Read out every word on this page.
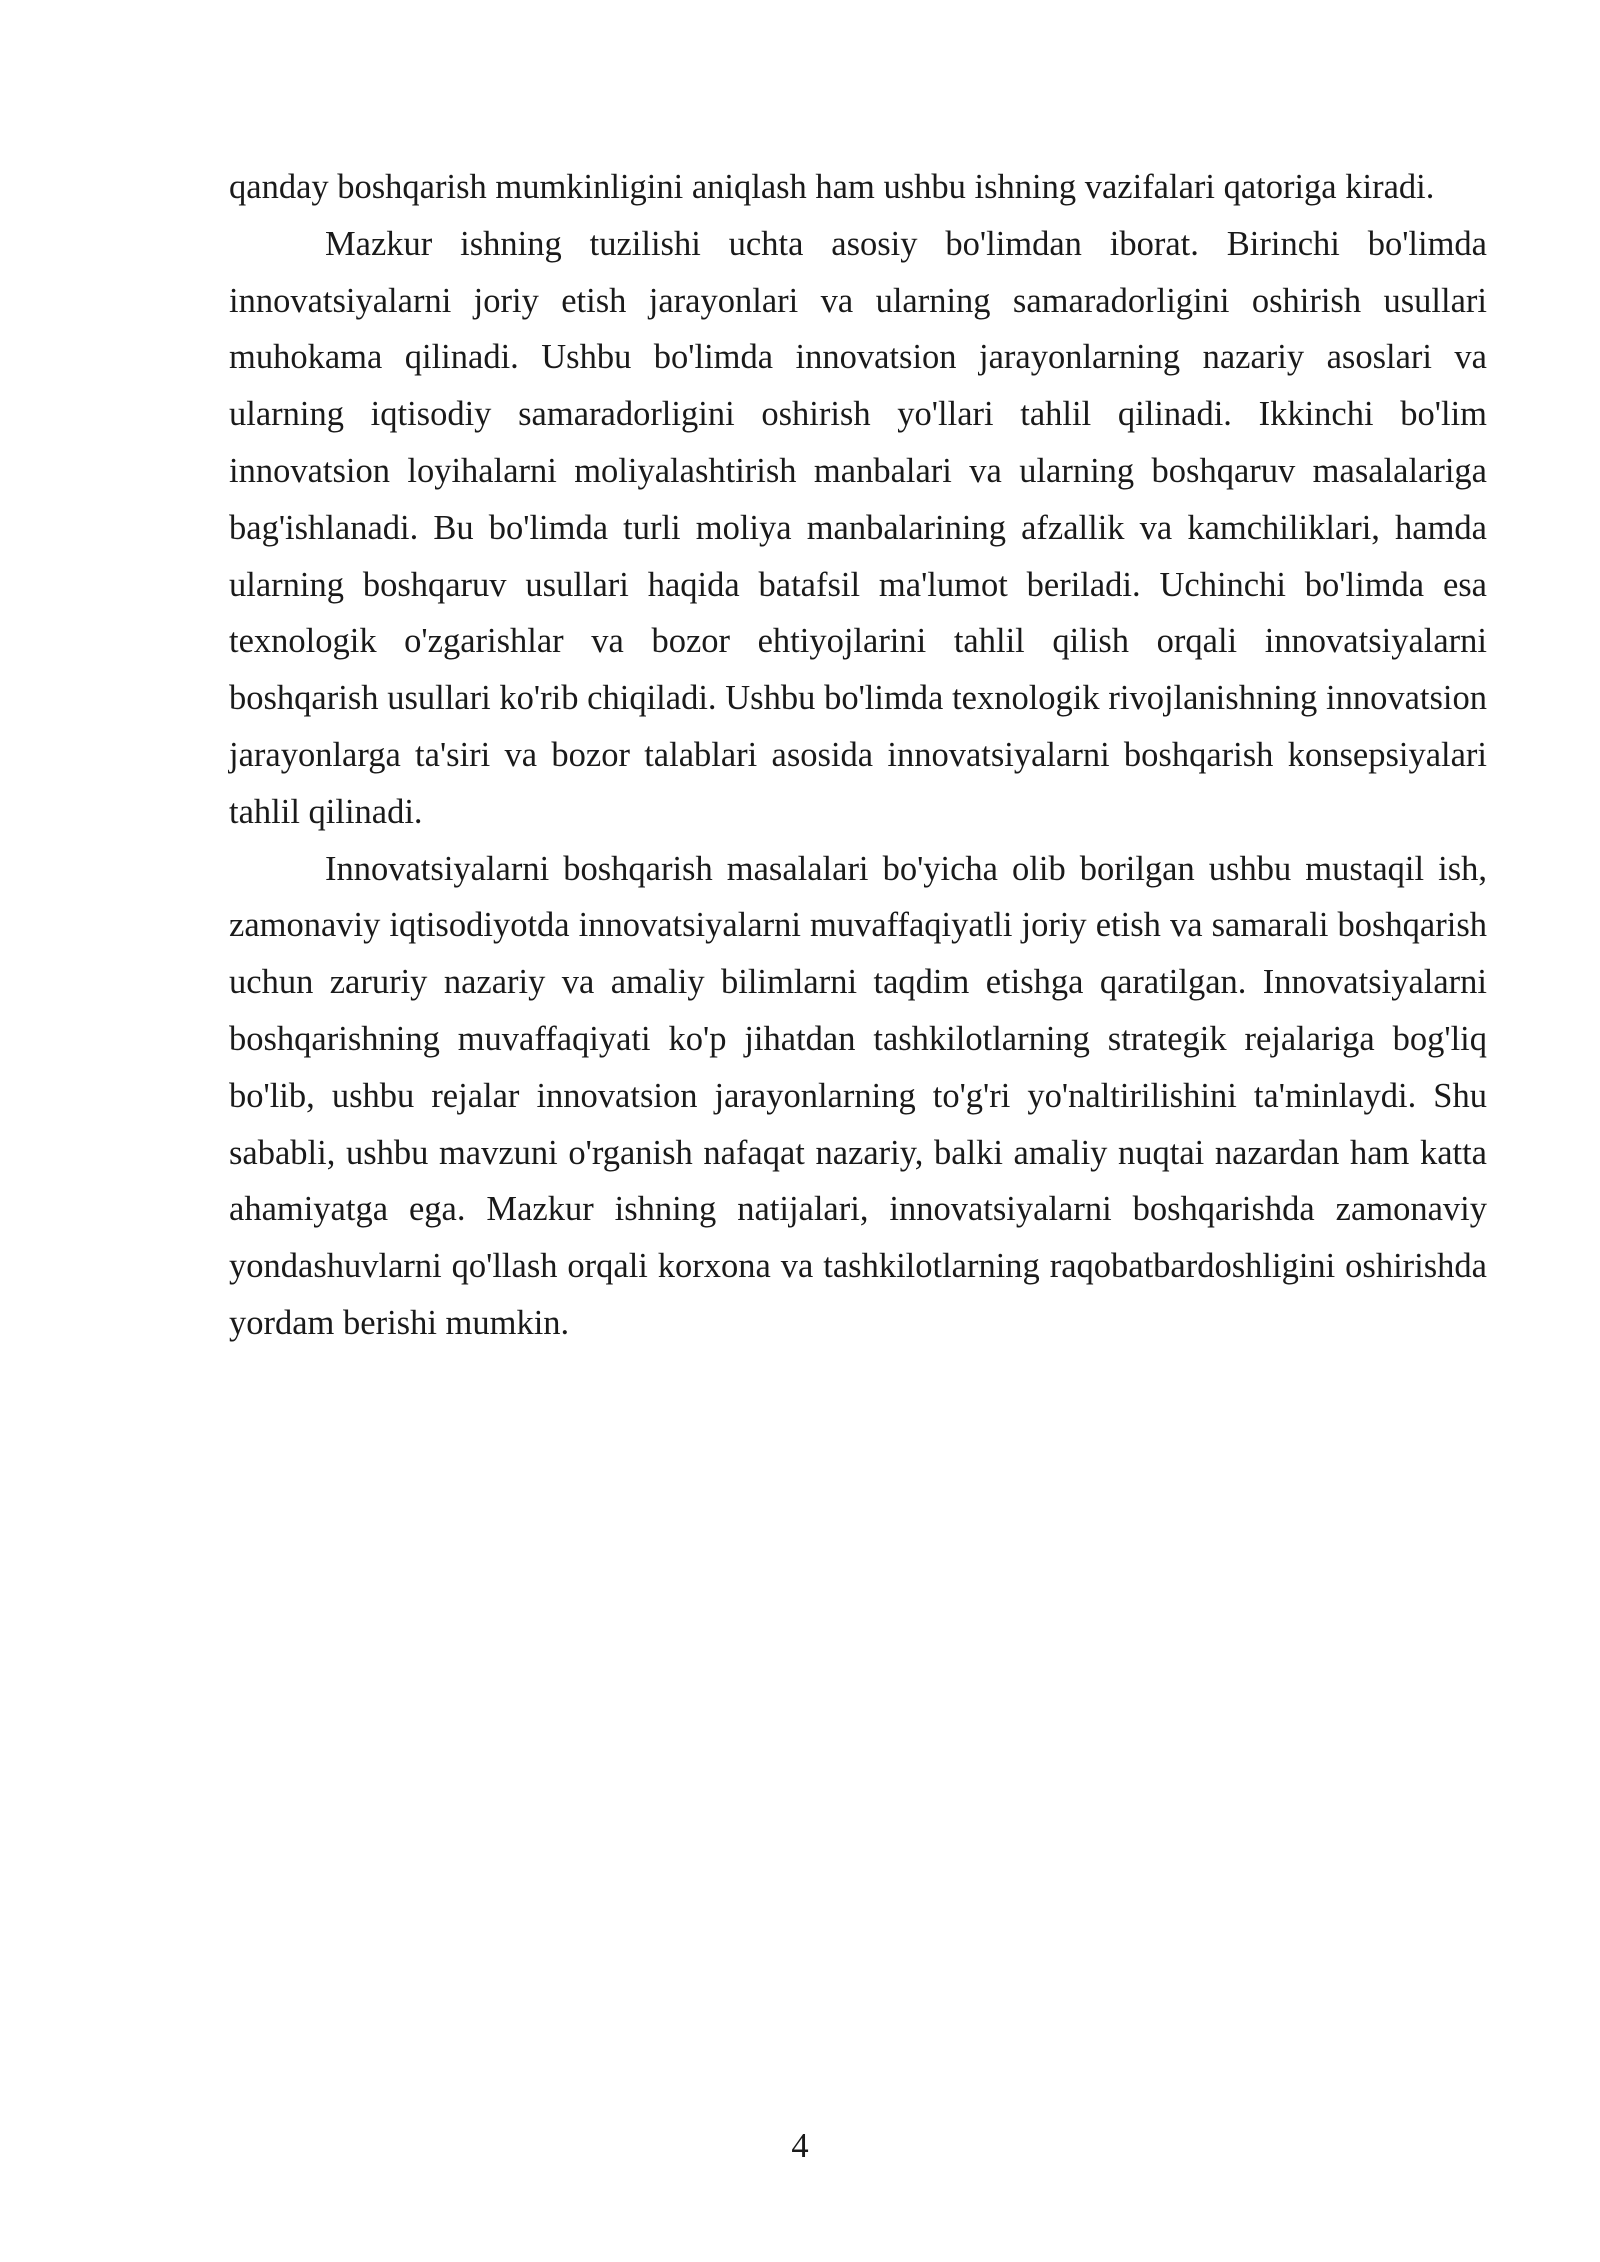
qanday boshqarish mumkinligini aniqlash ham ushbu ishning vazifalari qatoriga kiradi.

Mazkur ishning tuzilishi uchta asosiy bo'limdan iborat. Birinchi bo'limda innovatsiyalarni joriy etish jarayonlari va ularning samaradorligini oshirish usullari muhokama qilinadi. Ushbu bo'limda innovatsion jarayonlarning nazariy asoslari va ularning iqtisodiy samaradorligini oshirish yo'llari tahlil qilinadi. Ikkinchi bo'lim innovatsion loyihalarni moliyalashtirish manbalari va ularning boshqaruv masalalariga bag'ishlanadi. Bu bo'limda turli moliya manbalarining afzallik va kamchiliklari, hamda ularning boshqaruv usullari haqida batafsil ma'lumot beriladi. Uchinchi bo'limda esa texnologik o'zgarishlar va bozor ehtiyojlarini tahlil qilish orqali innovatsiyalarni boshqarish usullari ko'rib chiqiladi. Ushbu bo'limda texnologik rivojlanishning innovatsion jarayonlarga ta'siri va bozor talablari asosida innovatsiyalarni boshqarish konsepsiyalari tahlil qilinadi.

Innovatsiyalarni boshqarish masalalari bo'yicha olib borilgan ushbu mustaqil ish, zamonaviy iqtisodiyotda innovatsiyalarni muvaffaqiyatli joriy etish va samarali boshqarish uchun zaruriy nazariy va amaliy bilimlarni taqdim etishga qaratilgan. Innovatsiyalarni boshqarishning muvaffaqiyati ko'p jihatdan tashkilotlarning strategik rejalariga bog'liq bo'lib, ushbu rejalar innovatsion jarayonlarning to'g'ri yo'naltirilishini ta'minlaydi. Shu sababli, ushbu mavzuni o'rganish nafaqat nazariy, balki amaliy nuqtai nazardan ham katta ahamiyatga ega. Mazkur ishning natijalari, innovatsiyalarni boshqarishda zamonaviy yondashuvlarni qo'llash orqali korxona va tashkilotlarning raqobatbardoshligini oshirishda yordam berishi mumkin.

4
